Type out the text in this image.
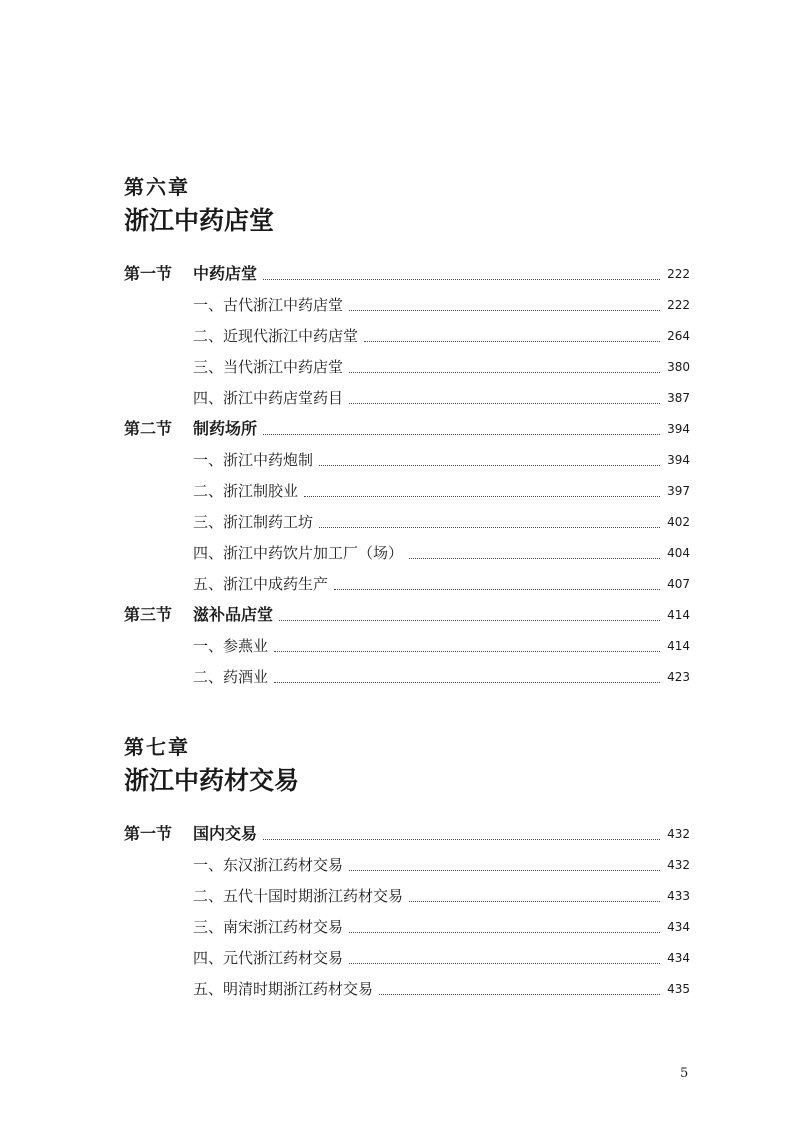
第六章
浙江中药店堂
第一节	中药店堂	222
一、古代浙江中药店堂	222
二、近现代浙江中药店堂	264
三、当代浙江中药店堂	380
四、浙江中药店堂药目	387
第二节	制药场所	394
一、浙江中药炮制	394
二、浙江制胶业	397
三、浙江制药工坊	402
四、浙江中药饮片加工厂（场）	404
五、浙江中成药生产	407
第三节	滋补品店堂	414
一、参燕业	414
二、药酒业	423
第七章
浙江中药材交易
第一节	国内交易	432
一、东汉浙江药材交易	432
二、五代十国时期浙江药材交易	433
三、南宋浙江药材交易	434
四、元代浙江药材交易	434
五、明清时期浙江药材交易	435
5
